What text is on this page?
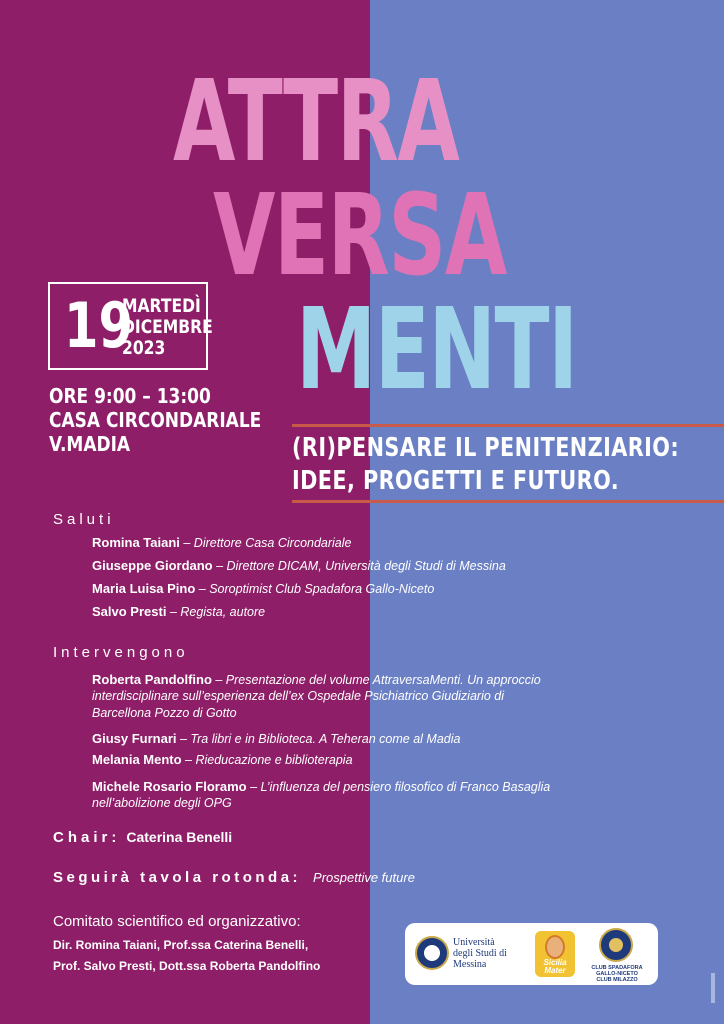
ATTRA
VERSA
MENTI
19
MARTEDÌ
DICEMBRE
2023
ORE 9:00 – 13:00
CASA CIRCONDARIALE
V.MADIA	(RI)PENSARE IL PENITENZIARIO:
IDEE, PROGETTI E FUTURO.
Saluti
Romina Taiani – Direttore Casa Circondariale
Giuseppe Giordano – Direttore DICAM, Università degli Studi di Messina
Maria Luisa Pino – Soroptimist Club Spadafora Gallo-Niceto
Salvo Presti – Regista, autore
Intervengono
Roberta Pandolfino – Presentazione del volume AttraversaMenti. Un approccio
interdisciplinare sull’esperienza dell’ex Ospedale Psichiatrico Giudiziario di
Barcellona Pozzo di Gotto
Giusy Furnari – Tra libri e in Biblioteca. A Teheran come al Madia
Melania Mento – Rieducazione e biblioterapia
Michele Rosario Floramo – L’influenza del pensiero filosofico di Franco Basaglia
nell’abolizione degli OPG
Chair: Caterina Benelli
Seguirà tavola rotonda: Prospettive future
Comitato scientifico ed organizzativo:
Dir. Romina Taiani, Prof.ssa Caterina Benelli,
Prof. Salvo Presti, Dott.ssa Roberta Pandolfino
Università
degli Studi di
Messina	Sicilia
Mater	CLUB SPADAFORA GALLO-NICETO
CLUB MILAZZO
